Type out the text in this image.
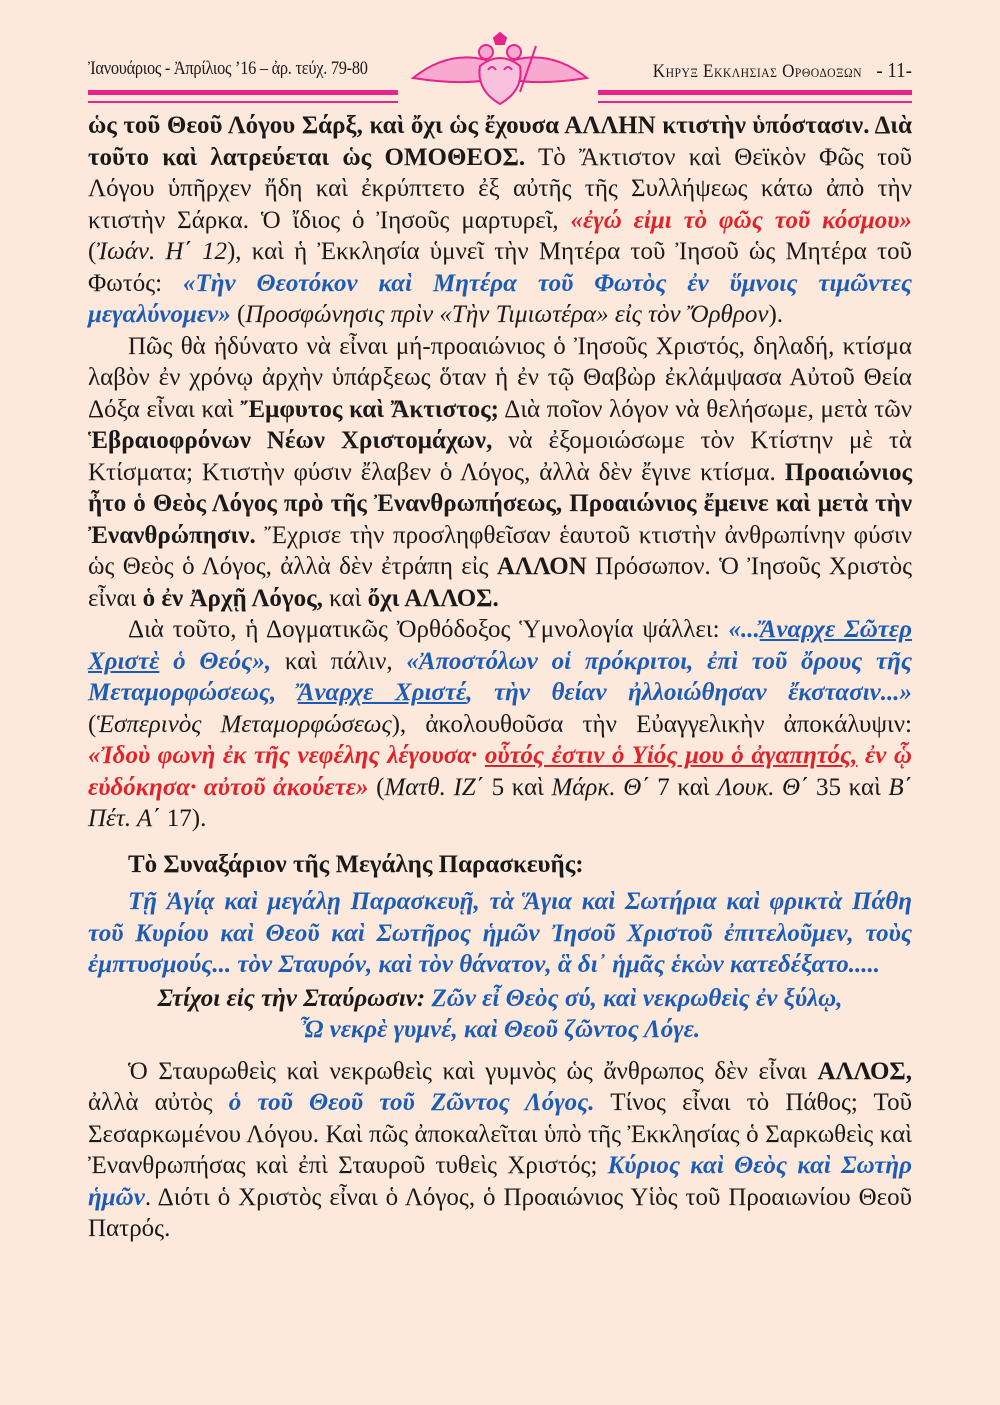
Ἰανουάριος - Ἀπρίλιος ’16 – ἀρ. τεύχ. 79-80	Κηρυξ Εκκλησιας Ορθοδοξων - 11-

ὡς τοῦ Θεοῦ Λόγου Σάρξ, καὶ ὄχι ὡς ἔχουσα ΑΛΛΗΝ κτιστὴν ὑπόστασιν. Διὰ τοῦτο καὶ λατρεύεται ὡς ΟΜΟΘΕΟΣ. Τὸ Ἄκτιστον καὶ Θεϊκὸν Φῶς τοῦ Λόγου ὑπῆρχεν ἤδη καὶ ἐκρύπτετο ἐξ αὐτῆς τῆς Συλλήψεως κάτω ἀπὸ τὴν κτιστὴν Σάρκα. Ὁ ἴδιος ὁ Ἰησοῦς μαρτυρεῖ, «ἐγώ εἰμι τὸ φῶς τοῦ κόσμου» (Ἰωάν. Η΄ 12), καὶ ἡ Ἐκκλησία ὑμνεῖ τὴν Μητέρα τοῦ Ἰησοῦ ὡς Μητέρα τοῦ Φωτός: «Τὴν Θεοτόκον καὶ Μητέρα τοῦ Φωτὸς ἐν ὕμνοις τιμῶντες μεγαλύνομεν» (Προσφώνησις πρὶν «Τὴν Τιμιωτέρα» εἰς τὸν Ὄρθρον).

Πῶς θὰ ἠδύνατο νὰ εἶναι μή-προαιώνιος ὁ Ἰησοῦς Χριστός, δηλαδή, κτίσμα λαβὸν ἐν χρόνῳ ἀρχὴν ὑπάρξεως ὅταν ἡ ἐν τῷ Θαβὼρ ἐκλάμψασα Αὐτοῦ Θεία Δόξα εἶναι καὶ Ἔμφυτος καὶ Ἄκτιστος; Διὰ ποῖον λόγον νὰ θελήσωμε, μετὰ τῶν Ἑβραιοφρόνων Νέων Χριστομάχων, νὰ ἐξομοιώσωμε τὸν Κτίστην μὲ τὰ Κτίσματα; Κτιστὴν φύσιν ἔλαβεν ὁ Λόγος, ἀλλὰ δὲν ἔγινε κτίσμα. Προαιώνιος ἦτο ὁ Θεὸς Λόγος πρὸ τῆς Ἐνανθρωπήσεως, Προαιώνιος ἔμεινε καὶ μετὰ τὴν Ἐνανθρώπησιν. Ἔχρισε τὴν προσληφθεῖσαν ἑαυτοῦ κτιστὴν ἀνθρωπίνην φύσιν ὡς Θεὸς ὁ Λόγος, ἀλλὰ δὲν ἐτράπη εἰς ΑΛΛΟΝ Πρόσωπον. Ὁ Ἰησοῦς Χριστὸς εἶναι ὁ ἐν Ἀρχῇ Λόγος, καὶ ὄχι ΑΛΛΟΣ.

Διὰ τοῦτο, ἡ Δογματικῶς Ὀρθόδοξος Ὑμνολογία ψάλλει: «...Ἄναρχε Σῶτερ Χριστὲ ὁ Θεός», καὶ πάλιν, «Ἀποστόλων οἱ πρόκριτοι, ἐπὶ τοῦ ὄρους τῆς Μεταμορφώσεως, Ἄναρχε Χριστέ, τὴν θείαν ἠλλοιώθησαν ἔκστασιν...» (Ἑσπερινὸς Μεταμορφώσεως), ἀκολουθοῦσα τὴν Εὐαγγελικὴν ἀποκάλυψιν: «Ἰδοὺ φωνὴ ἐκ τῆς νεφέλης λέγουσα· οὗτός ἐστιν ὁ Υἱός μου ὁ ἀγαπητός, ἐν ᾧ εὐδόκησα· αὐτοῦ ἀκούετε» (Ματθ. ΙΖ΄ 5 καὶ Μάρκ. Θ΄ 7 καὶ Λουκ. Θ΄ 35 καὶ Β΄ Πέτ. Α΄ 17).

Τὸ Συναξάριον τῆς Μεγάλης Παρασκευῆς:

Τῇ Ἁγίᾳ καὶ μεγάλῃ Παρασκευῇ, τὰ Ἅγια καὶ Σωτήρια καὶ φρικτὰ Πάθη τοῦ Κυρίου καὶ Θεοῦ καὶ Σωτῆρος ἡμῶν Ἰησοῦ Χριστοῦ ἐπιτελοῦμεν, τοὺς ἐμπτυσμούς... τὸν Σταυρόν, καὶ τὸν θάνατον, ἃ δι᾽ ἡμᾶς ἑκὼν κατεδέξατο.....

Στίχοι εἰς τὴν Σταύρωσιν: Ζῶν εἶ Θεὸς σύ, καὶ νεκρωθεὶς ἐν ξύλῳ,
Ὦ νεκρὲ γυμνέ, καὶ Θεοῦ ζῶντος Λόγε.

Ὁ Σταυρωθεὶς καὶ νεκρωθεὶς καὶ γυμνὸς ὡς ἄνθρωπος δὲν εἶναι ΑΛΛΟΣ, ἀλλὰ αὐτὸς ὁ τοῦ Θεοῦ τοῦ Ζῶντος Λόγος. Τίνος εἶναι τὸ Πάθος; Τοῦ Σεσαρκωμένου Λόγου. Καὶ πῶς ἀποκαλεῖται ὑπὸ τῆς Ἐκκλησίας ὁ Σαρκωθεὶς καὶ Ἐνανθρωπήσας καὶ ἐπὶ Σταυροῦ τυθεὶς Χριστός; Κύριος καὶ Θεὸς καὶ Σωτὴρ ἡμῶν. Διότι ὁ Χριστὸς εἶναι ὁ Λόγος, ὁ Προαιώνιος Υἱὸς τοῦ Προαιωνίου Θεοῦ Πατρός.
